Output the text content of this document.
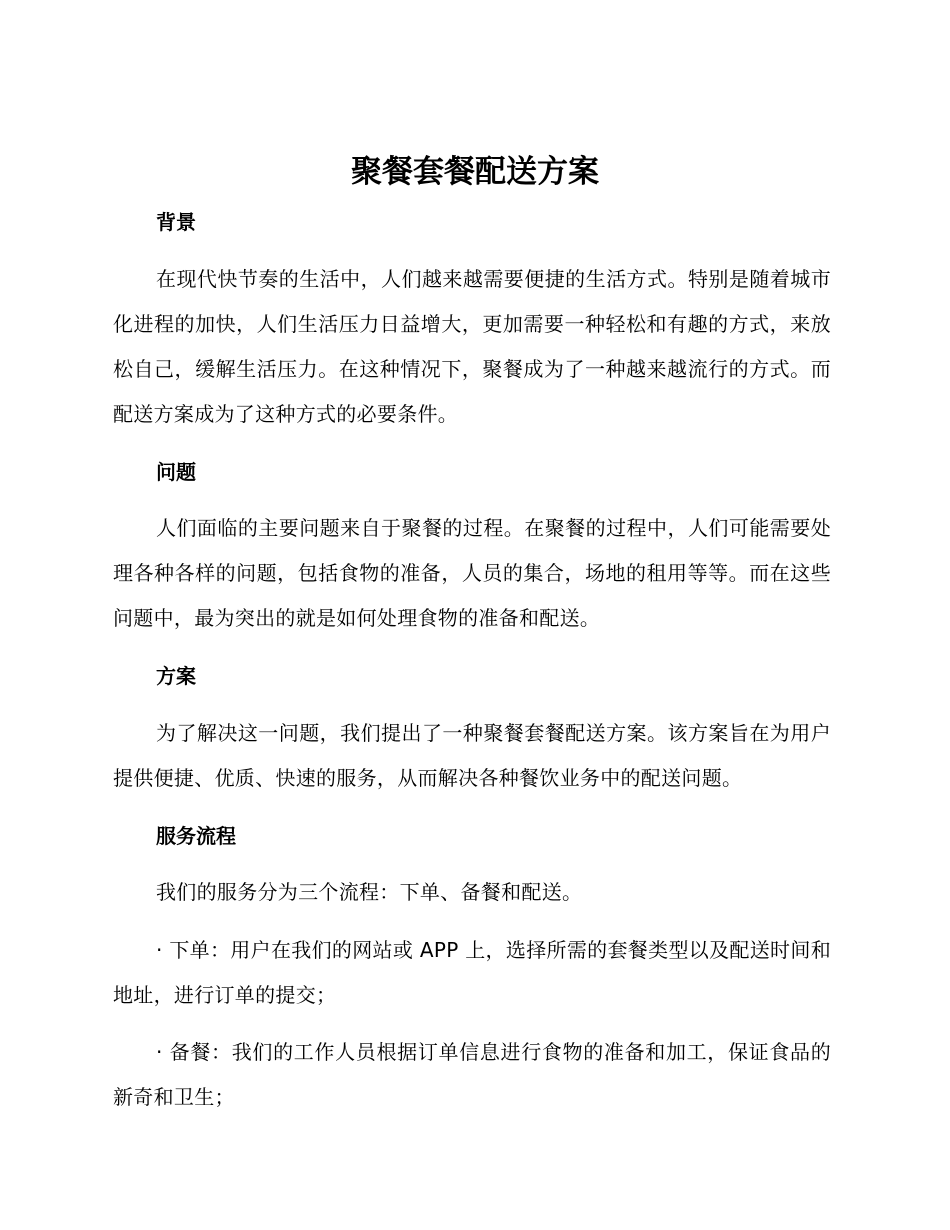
聚餐套餐配送方案
背景

在现代快节奏的生活中，人们越来越需要便捷的生活方式。特别是随着城市化进程的加快，人们生活压力日益增大，更加需要一种轻松和有趣的方式，来放松自己，缓解生活压力。在这种情况下，聚餐成为了一种越来越流行的方式。而配送方案成为了这种方式的必要条件。

问题

人们面临的主要问题来自于聚餐的过程。在聚餐的过程中，人们可能需要处理各种各样的问题，包括食物的准备，人员的集合，场地的租用等等。而在这些问题中，最为突出的就是如何处理食物的准备和配送。

方案

为了解决这一问题，我们提出了一种聚餐套餐配送方案。该方案旨在为用户提供便捷、优质、快速的服务，从而解决各种餐饮业务中的配送问题。

服务流程

我们的服务分为三个流程：下单、备餐和配送。

· 下单：用户在我们的网站或 APP 上，选择所需的套餐类型以及配送时间和地址，进行订单的提交；

· 备餐：我们的工作人员根据订单信息进行食物的准备和加工，保证食品的新奇和卫生；
